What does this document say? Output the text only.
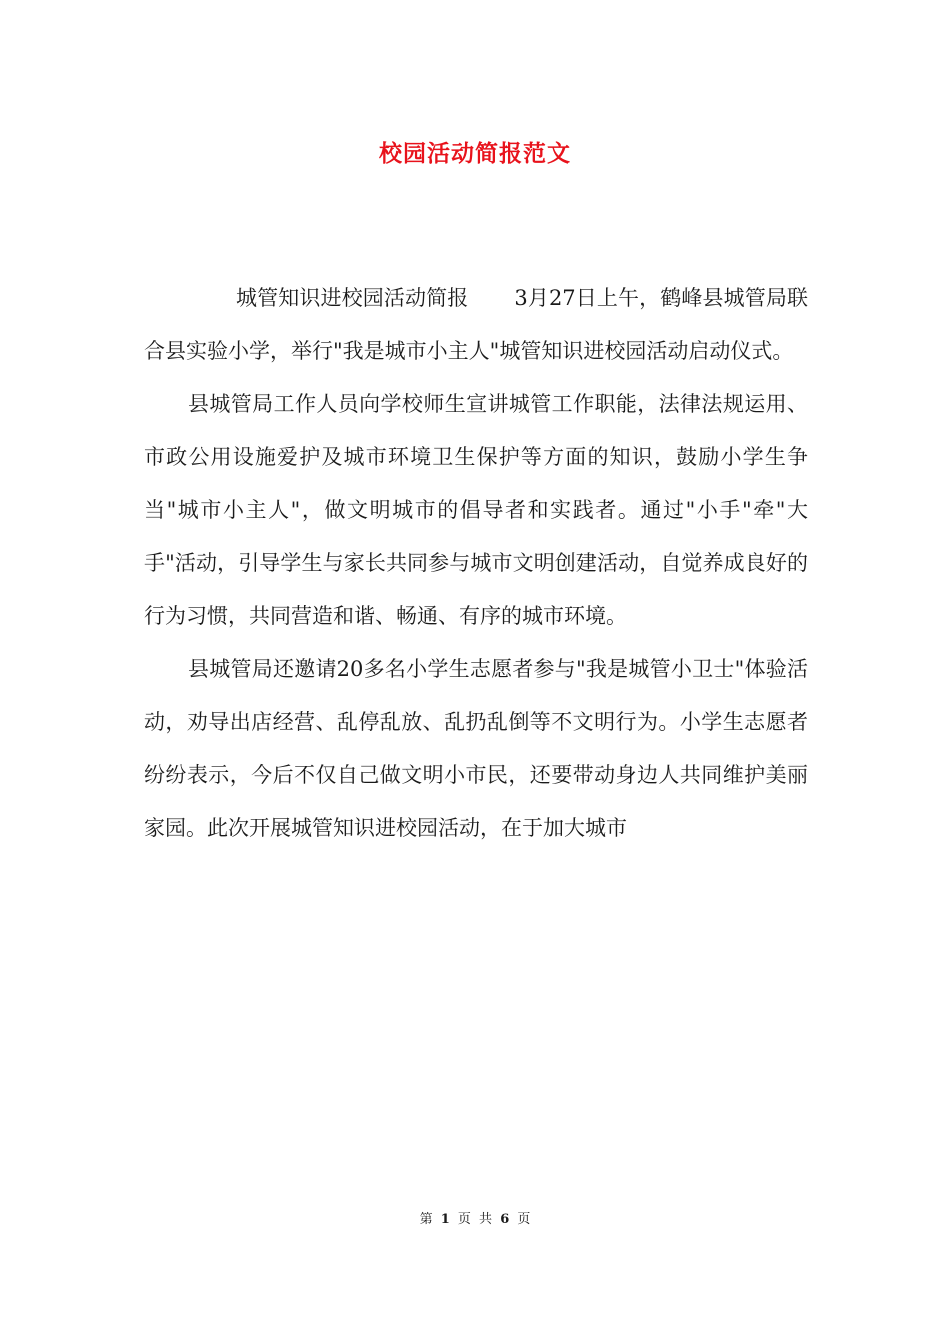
校园活动简报范文

城管知识进校园活动简报 3月27日上午，鹤峰县城管局联合县实验小学，举行"我是城市小主人"城管知识进校园活动启动仪式。

县城管局工作人员向学校师生宣讲城管工作职能，法律法规运用、市政公用设施爱护及城市环境卫生保护等方面的知识，鼓励小学生争当"城市小主人"，做文明城市的倡导者和实践者。通过"小手"牵"大手"活动，引导学生与家长共同参与城市文明创建活动，自觉养成良好的行为习惯，共同营造和谐、畅通、有序的城市环境。

县城管局还邀请20多名小学生志愿者参与"我是城管小卫士"体验活动，劝导出店经营、乱停乱放、乱扔乱倒等不文明行为。小学生志愿者纷纷表示，今后不仅自己做文明小市民，还要带动身边人共同维护美丽家园。此次开展城管知识进校园活动，在于加大城市

第 1 页 共 6 页
